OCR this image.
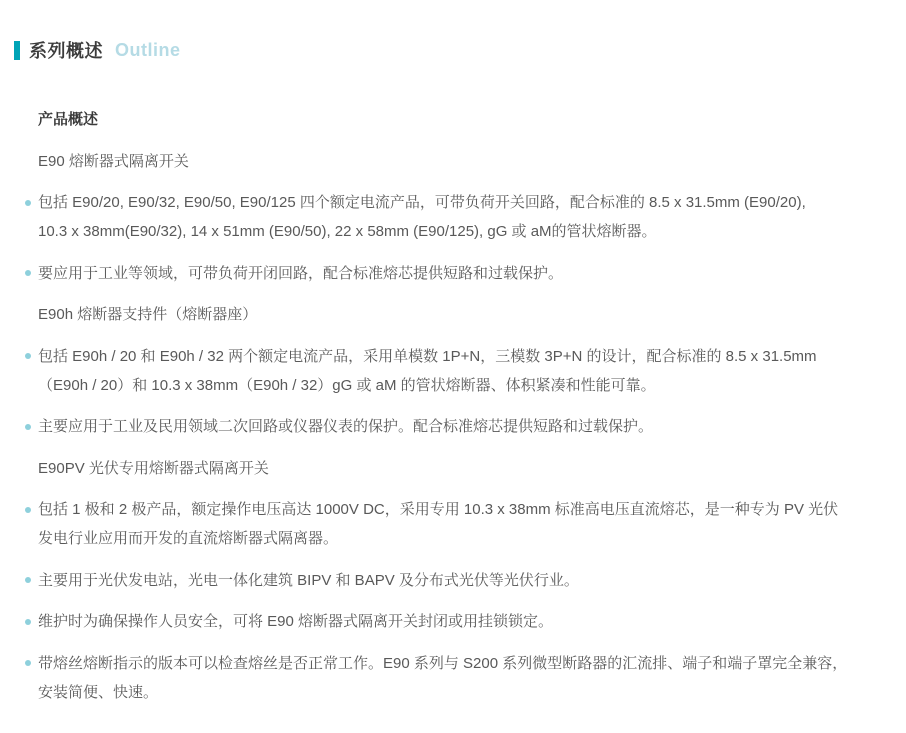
系列概述 Outline
产品概述
E90 熔断器式隔离开关
包括 E90/20, E90/32, E90/50, E90/125 四个额定电流产品，可带负荷开关回路，配合标准的 8.5 x 31.5mm (E90/20),
10.3 x 38mm(E90/32), 14 x 51mm (E90/50), 22 x 58mm (E90/125), gG 或 aM的管状熔断器。
要应用于工业等领域，可带负荷开闭回路，配合标准熔芯提供短路和过载保护。
E90h 熔断器支持件（熔断器座）
包括 E90h / 20 和 E90h / 32 两个额定电流产品，采用单模数 1P+N，三模数 3P+N 的设计，配合标准的 8.5 x 31.5mm
（E90h / 20）和 10.3 x 38mm（E90h / 32）gG 或 aM 的管状熔断器、体积紧凑和性能可靠。
主要应用于工业及民用领域二次回路或仪器仪表的保护。配合标准熔芯提供短路和过载保护。
E90PV 光伏专用熔断器式隔离开关
包括 1 极和 2 极产品，额定操作电压高达 1000V DC，采用专用 10.3 x 38mm 标准高电压直流熔芯，是一种专为 PV 光伏
发电行业应用而开发的直流熔断器式隔离器。
主要用于光伏发电站，光电一体化建筑 BIPV 和 BAPV 及分布式光伏等光伏行业。
维护时为确保操作人员安全，可将 E90 熔断器式隔离开关封闭或用挂锁锁定。
带熔丝熔断指示的版本可以检查熔丝是否正常工作。E90 系列与 S200 系列微型断路器的汇流排、端子和端子罩完全兼容，
安装简便、快速。
